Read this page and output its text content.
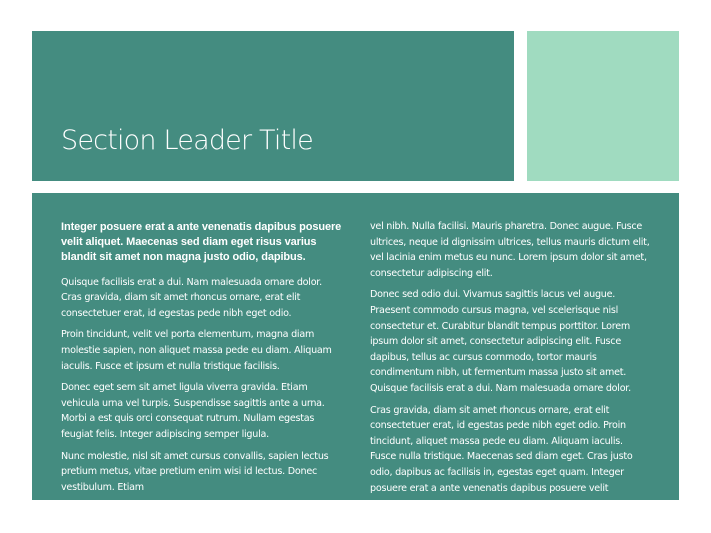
Section Leader Title

Integer posuere erat a ante venenatis dapibus posuere velit aliquet. Maecenas sed diam eget risus varius blandit sit amet non magna justo odio, dapibus.

Quisque facilisis erat a dui. Nam malesuada ornare dolor. Cras gravida, diam sit amet rhoncus ornare, erat elit consectetuer erat, id egestas pede nibh eget odio.

Proin tincidunt, velit vel porta elementum, magna diam molestie sapien, non aliquet massa pede eu diam. Aliquam iaculis. Fusce et ipsum et nulla tristique facilisis.

Donec eget sem sit amet ligula viverra gravida. Etiam vehicula urna vel turpis. Suspendisse sagittis ante a urna. Morbi a est quis orci consequat rutrum. Nullam egestas feugiat felis. Integer adipiscing semper ligula.

Nunc molestie, nisl sit amet cursus convallis, sapien lectus pretium metus, vitae pretium enim wisi id lectus. Donec vestibulum. Etiam

vel nibh. Nulla facilisi. Mauris pharetra. Donec augue. Fusce ultrices, neque id dignissim ultrices, tellus mauris dictum elit, vel lacinia enim metus eu nunc. Lorem ipsum dolor sit amet, consectetur adipiscing elit.

Donec sed odio dui. Vivamus sagittis lacus vel augue. Praesent commodo cursus magna, vel scelerisque nisl consectetur et. Curabitur blandit tempus porttitor. Lorem ipsum dolor sit amet, consectetur adipiscing elit. Fusce dapibus, tellus ac cursus commodo, tortor mauris condimentum nibh, ut fermentum massa justo sit amet. Quisque facilisis erat a dui. Nam malesuada ornare dolor.

Cras gravida, diam sit amet rhoncus ornare, erat elit consectetuer erat, id egestas pede nibh eget odio. Proin tincidunt, aliquet massa pede eu diam. Aliquam iaculis. Fusce nulla tristique. Maecenas sed diam eget. Cras justo odio, dapibus ac facilisis in, egestas eget quam. Integer posuere erat a ante venenatis dapibus posuere velit
